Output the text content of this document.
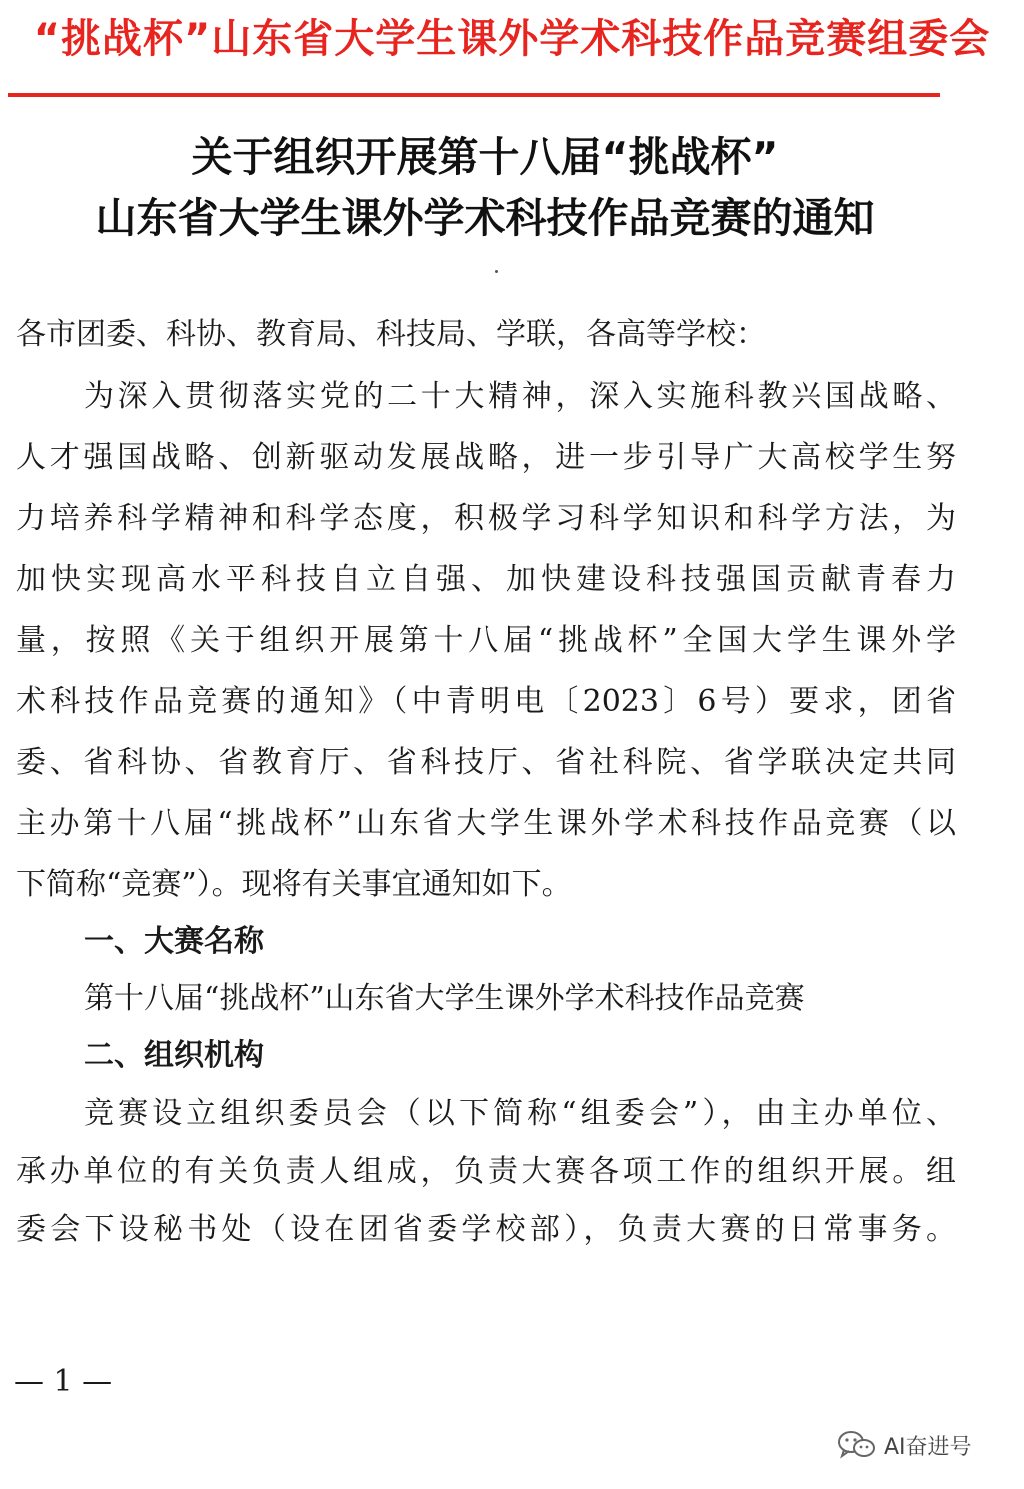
“挑战杯”山东省大学生课外学术科技作品竞赛组委会
关于组织开展第十八届“挑战杯”
山东省大学生课外学术科技作品竞赛的通知
各市团委、科协、教育局、科技局、学联，各高等学校：
为深入贯彻落实党的二十大精神，深入实施科教兴国战略、
人才强国战略、创新驱动发展战略，进一步引导广大高校学生努
力培养科学精神和科学态度，积极学习科学知识和科学方法，为
加快实现高水平科技自立自强、加快建设科技强国贡献青春力
量，按照《关于组织开展第十八届“挑战杯”全国大学生课外学
术科技作品竞赛的通知》（中青明电〔2023〕6号）要求，团省
委、省科协、省教育厅、省科技厅、省社科院、省学联决定共同
主办第十八届“挑战杯”山东省大学生课外学术科技作品竞赛（以
下简称“竞赛”）。现将有关事宜通知如下。
一、大赛名称
第十八届“挑战杯”山东省大学生课外学术科技作品竞赛
二、组织机构
竞赛设立组织委员会（以下简称“组委会”），由主办单位、
承办单位的有关负责人组成，负责大赛各项工作的组织开展。组
委会下设秘书处（设在团省委学校部），负责大赛的日常事务。
— 1 —
AI奋进号
